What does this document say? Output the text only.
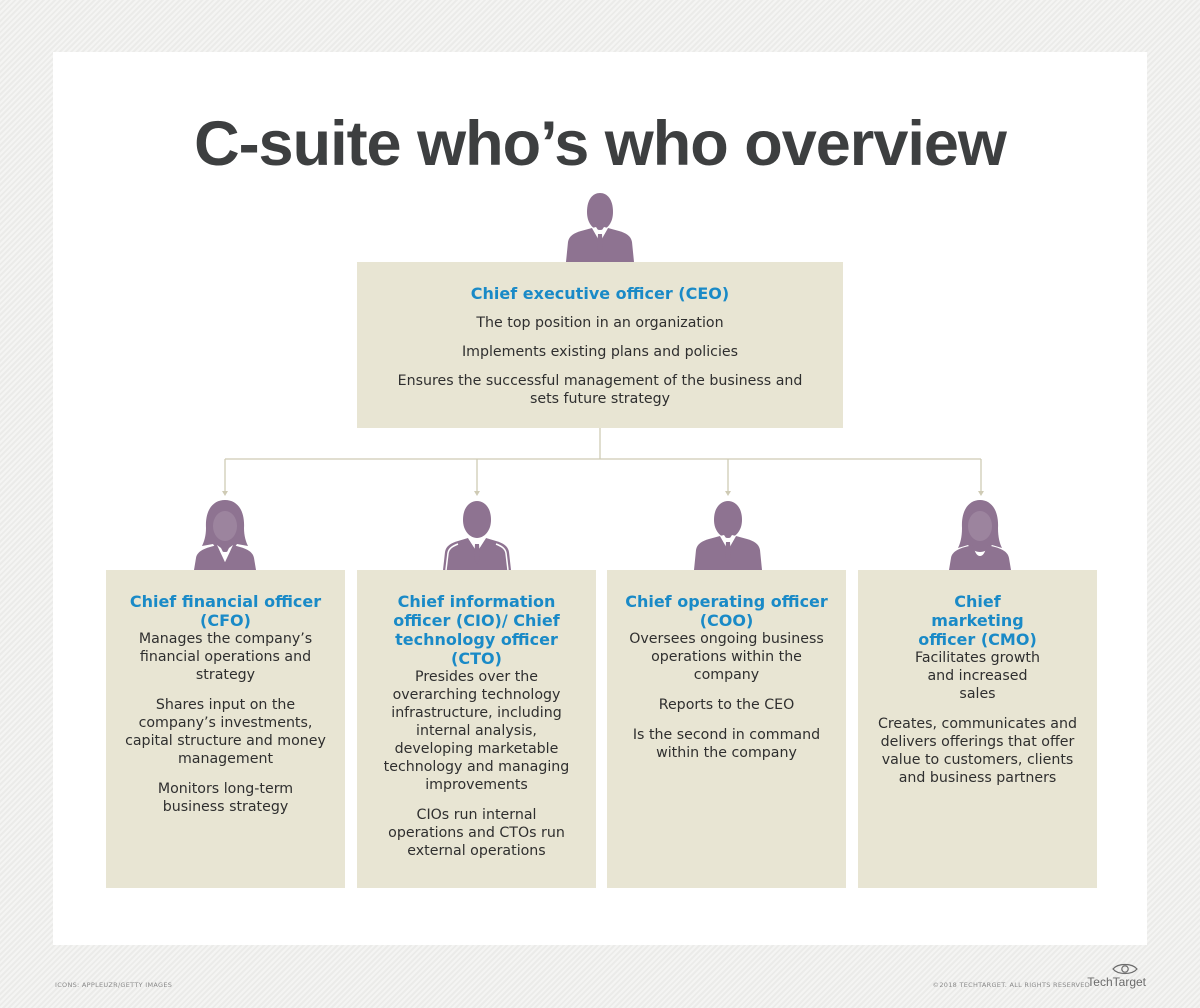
C-suite who’s who overview

Chief executive officer (CEO)

The top position in an organization

Implements existing plans and policies

Ensures the successful management of the business and sets future strategy

Chief financial officer (CFO)

Manages the company’s financial operations and strategy

Shares input on the company’s investments, capital structure and money management

Monitors long-term business strategy

Chief information officer (CIO)/ Chief technology officer (CTO)

Presides over the overarching technology infrastructure, including internal analysis, developing marketable technology and managing improvements

CIOs run internal operations and CTOs run external operations

Chief operating officer (COO)

Oversees ongoing business operations within the company

Reports to the CEO

Is the second in command within the company

Chief marketing officer (CMO)

Facilitates growth and increased sales

Creates, communicates and delivers offerings that offer value to customers, clients and business partners

ICONS: APPLEUZR/GETTY IMAGES	©2018 TECHTARGET. ALL RIGHTS RESERVED
TechTarget
